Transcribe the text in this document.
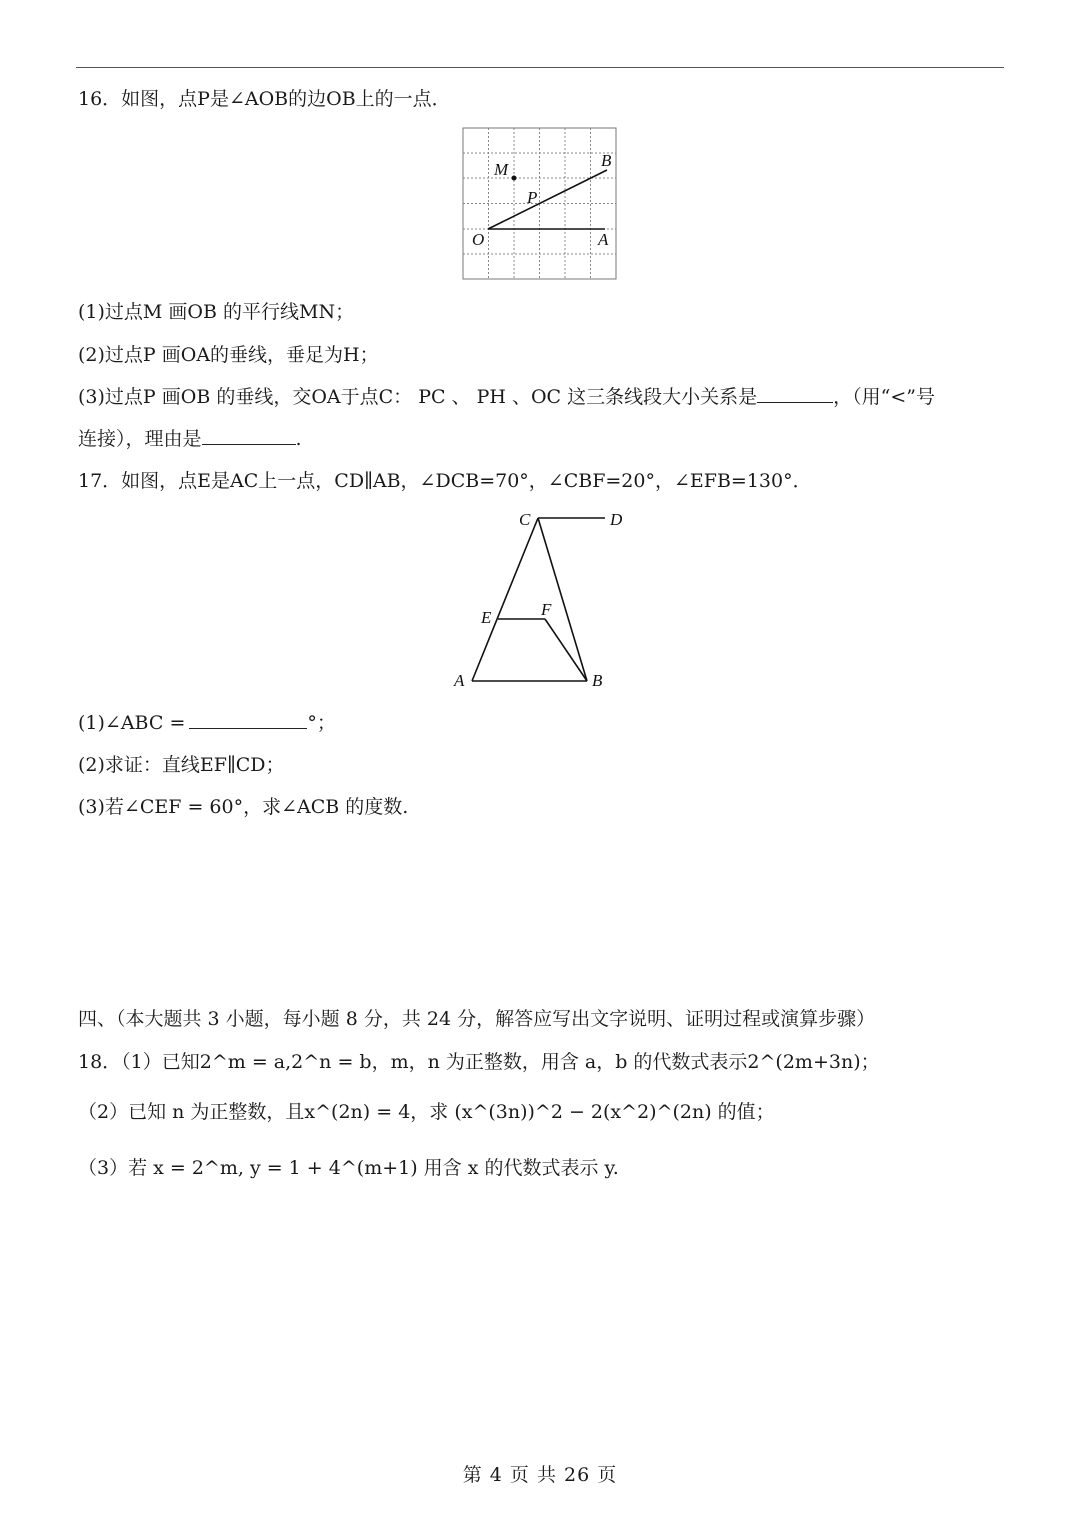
16．如图，点P是∠AOB的边OB上的一点．
M	B
P
O	A
(1)过点M 画OB 的平行线MN；
(2)过点P 画OA的垂线，垂足为H；
(3)过点P 画OB 的垂线，交OA于点C： PC 、 PH 、OC 这三条线段大小关系是	，（用“<”号
连接），理由是	.
17．如图，点E是AC上一点，CD∥AB，∠DCB=70°，∠CBF=20°，∠EFB=130°．
C	D
E	F
A	B
(1)∠ABC =	°；
(2)求证：直线EF∥CD；
(3)若∠CEF = 60°，求∠ACB 的度数.
四、（本大题共 3 小题，每小题 8 分，共 24 分，解答应写出文字说明、证明过程或演算步骤）
18．（1）已知2^m = a,2^n = b，m，n 为正整数，用含 a，b 的代数式表示2^(2m+3n)；
（2）已知 n 为正整数，且x^(2n) = 4，求 (x^(3n))^2 − 2(x^2)^(2n) 的值；
（3）若 x = 2^m, y = 1 + 4^(m+1) 用含 x 的代数式表示 y.
第 4 页 共 26 页
